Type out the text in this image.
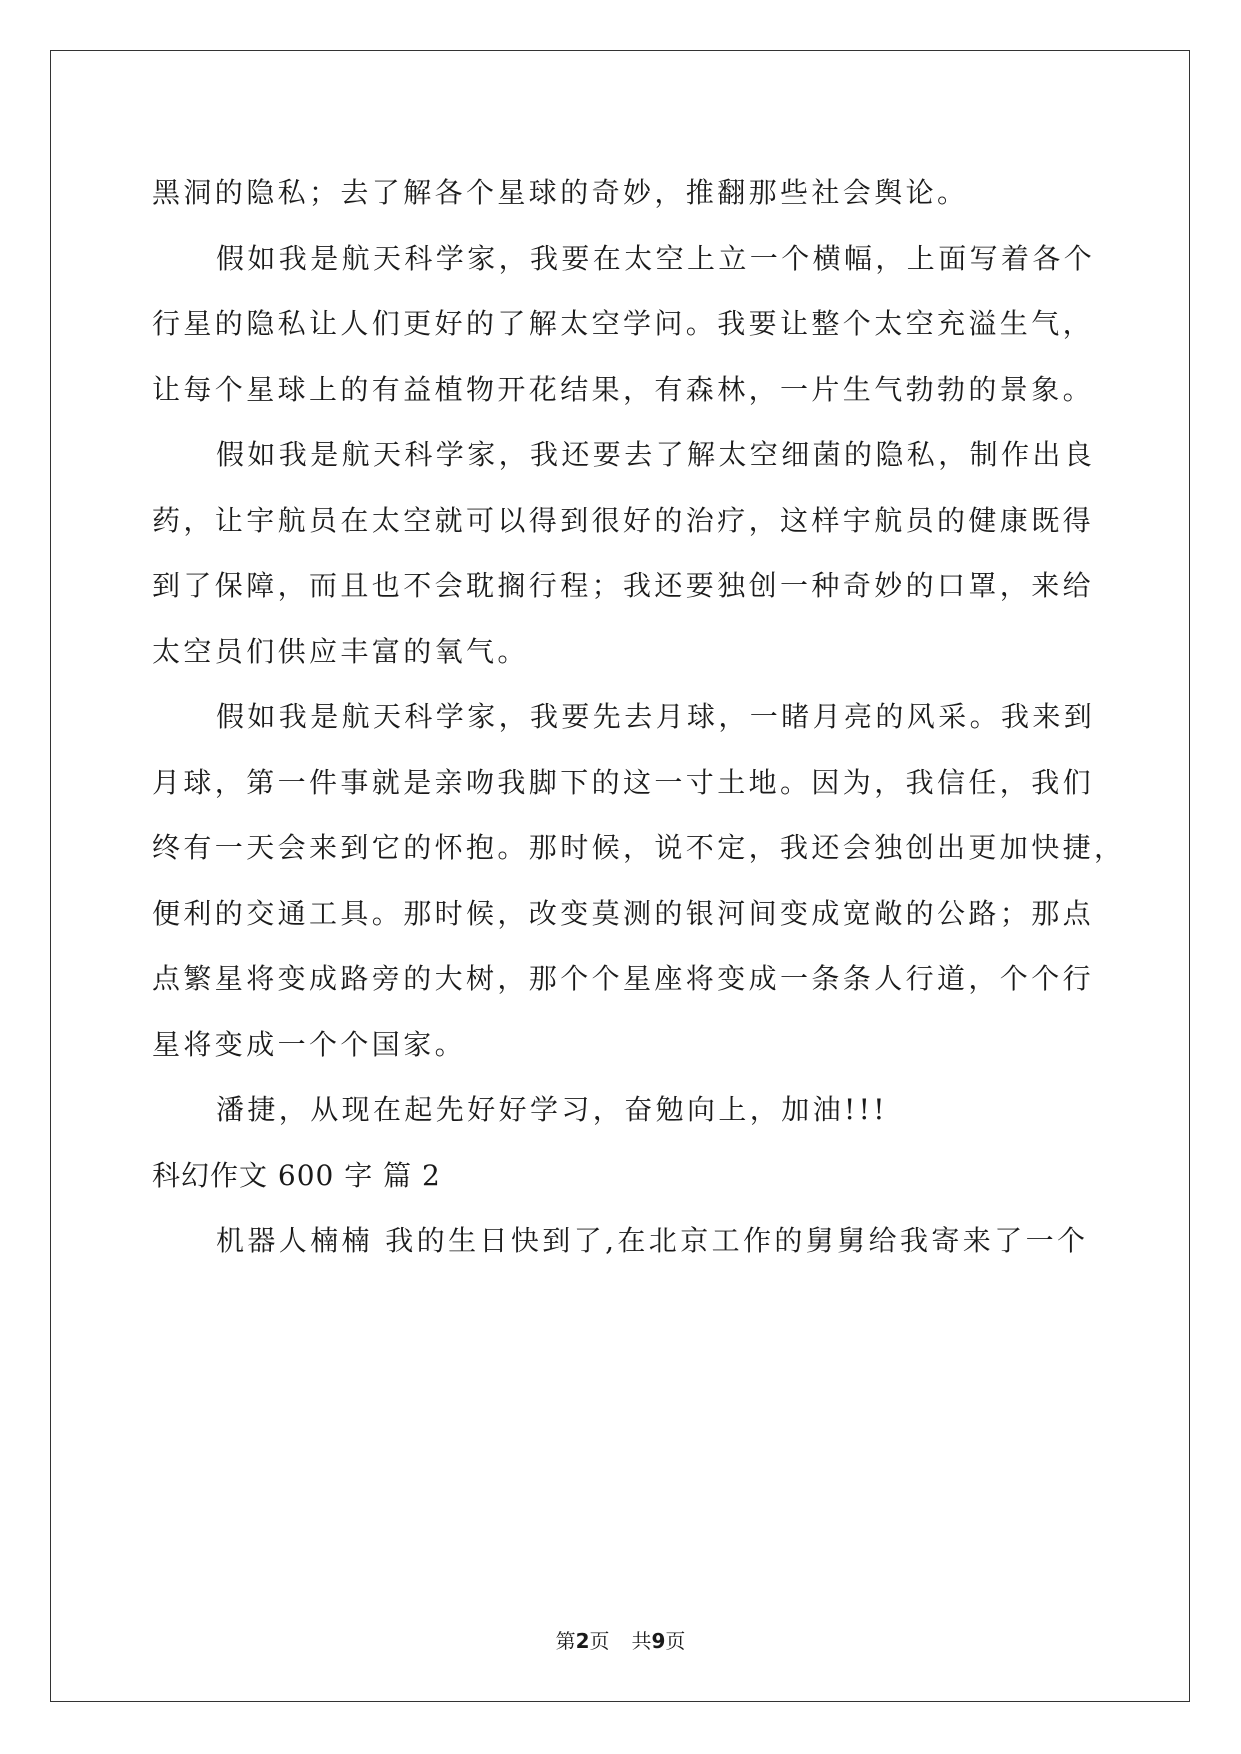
黑洞的隐私；去了解各个星球的奇妙，推翻那些社会舆论。
假如我是航天科学家，我要在太空上立一个横幅，上面写着各个
行星的隐私让人们更好的了解太空学问。我要让整个太空充溢生气，
让每个星球上的有益植物开花结果，有森林，一片生气勃勃的景象。
假如我是航天科学家，我还要去了解太空细菌的隐私，制作出良
药，让宇航员在太空就可以得到很好的治疗，这样宇航员的健康既得
到了保障，而且也不会耽搁行程；我还要独创一种奇妙的口罩，来给
太空员们供应丰富的氧气。
假如我是航天科学家，我要先去月球，一睹月亮的风采。我来到
月球，第一件事就是亲吻我脚下的这一寸土地。因为，我信任，我们
终有一天会来到它的怀抱。那时候，说不定，我还会独创出更加快捷，
便利的交通工具。那时候，改变莫测的银河间变成宽敞的公路；那点
点繁星将变成路旁的大树，那个个星座将变成一条条人行道，个个行
星将变成一个个国家。
潘捷，从现在起先好好学习，奋勉向上，加油!!!
科幻作文 600 字 篇 2
机器人楠楠 我的生日快到了,在北京工作的舅舅给我寄来了一个
第2页 共9页
